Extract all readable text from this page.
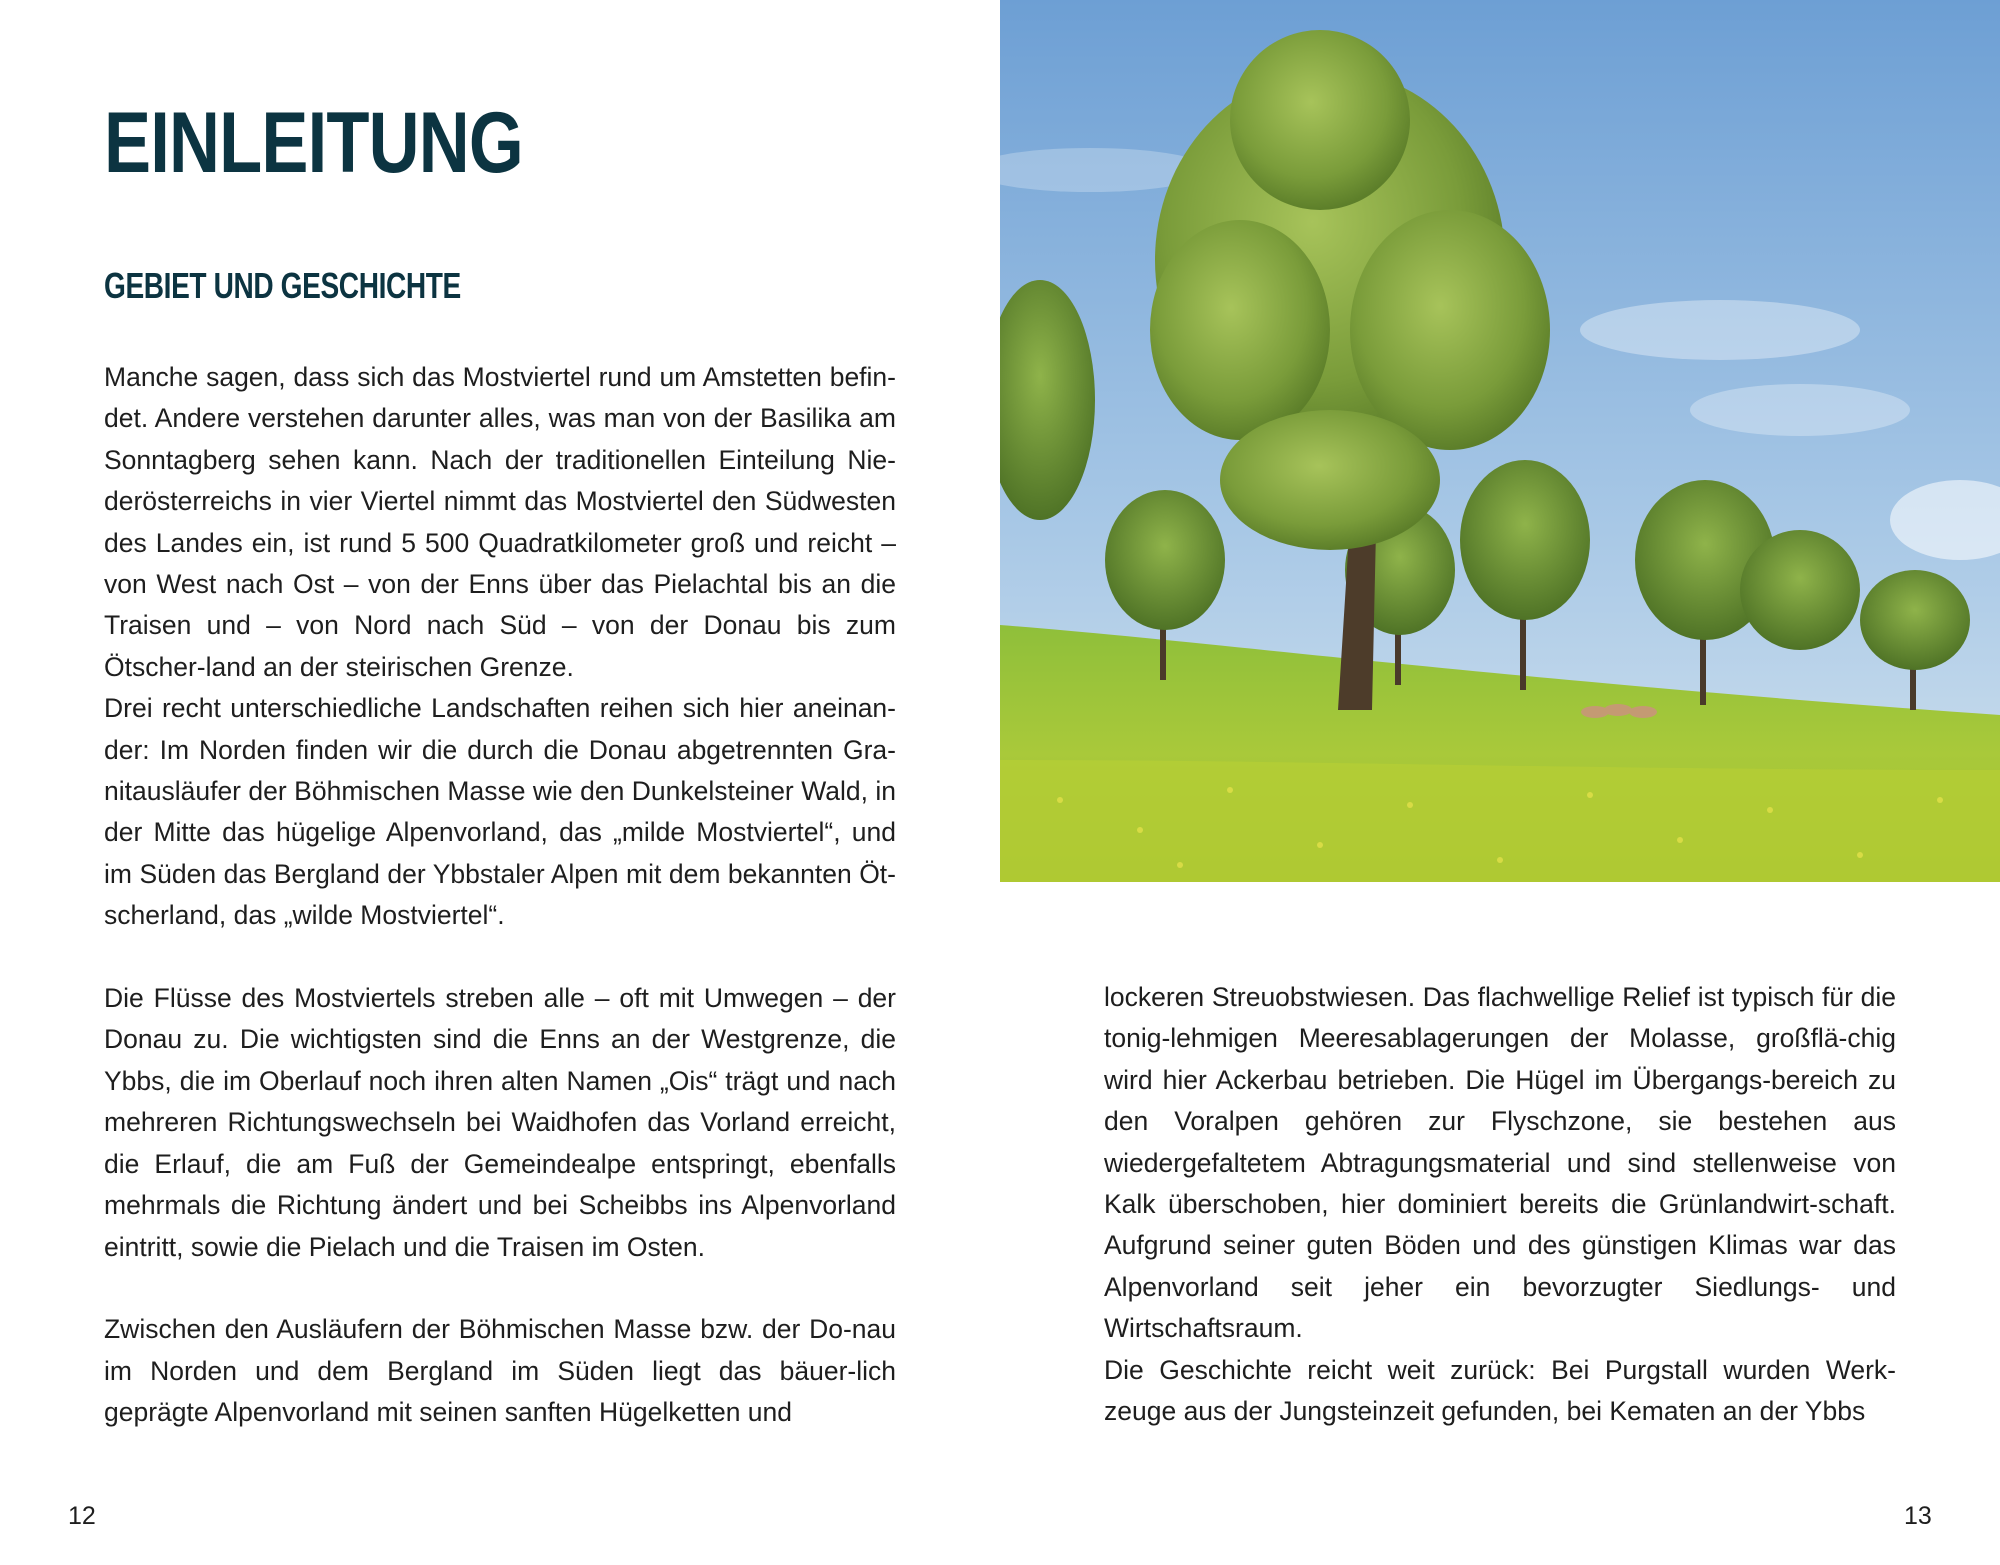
EINLEITUNG
GEBIET UND GESCHICHTE

Manche sagen, dass sich das Mostviertel rund um Amstetten befin-det. Andere verstehen darunter alles, was man von der Basilika am Sonntagberg sehen kann. Nach der traditionellen Einteilung Nie-derösterreichs in vier Viertel nimmt das Mostviertel den Südwesten des Landes ein, ist rund 5 500 Quadratkilometer groß und reicht – von West nach Ost – von der Enns über das Pielachtal bis an die Traisen und – von Nord nach Süd – von der Donau bis zum Ötscher-land an der steirischen Grenze.

Drei recht unterschiedliche Landschaften reihen sich hier aneinan-der: Im Norden finden wir die durch die Donau abgetrennten Gra-nitausläufer der Böhmischen Masse wie den Dunkelsteiner Wald, in der Mitte das hügelige Alpenvorland, das „milde Mostviertel“, und im Süden das Bergland der Ybbstaler Alpen mit dem bekannten Öt-scherland, das „wilde Mostviertel“.

Die Flüsse des Mostviertels streben alle – oft mit Umwegen – der Donau zu. Die wichtigsten sind die Enns an der Westgrenze, die Ybbs, die im Oberlauf noch ihren alten Namen „Ois“ trägt und nach mehreren Richtungswechseln bei Waidhofen das Vorland erreicht, die Erlauf, die am Fuß der Gemeindealpe entspringt, ebenfalls mehrmals die Richtung ändert und bei Scheibbs ins Alpenvorland eintritt, sowie die Pielach und die Traisen im Osten.

Zwischen den Ausläufern der Böhmischen Masse bzw. der Do-nau im Norden und dem Bergland im Süden liegt das bäuer-lich geprägte Alpenvorland mit seinen sanften Hügelketten und

12

lockeren Streuobstwiesen. Das flachwellige Relief ist typisch für die tonig-lehmigen Meeresablagerungen der Molasse, großflä-chig wird hier Ackerbau betrieben. Die Hügel im Übergangs-bereich zu den Voralpen gehören zur Flyschzone, sie bestehen aus wiedergefaltetem Abtragungsmaterial und sind stellenweise von Kalk überschoben, hier dominiert bereits die Grünlandwirt-schaft. Aufgrund seiner guten Böden und des günstigen Klimas war das Alpenvorland seit jeher ein bevorzugter Siedlungs- und Wirtschaftsraum.

Die Geschichte reicht weit zurück: Bei Purgstall wurden Werk-zeuge aus der Jungsteinzeit gefunden, bei Kematen an der Ybbs

13
